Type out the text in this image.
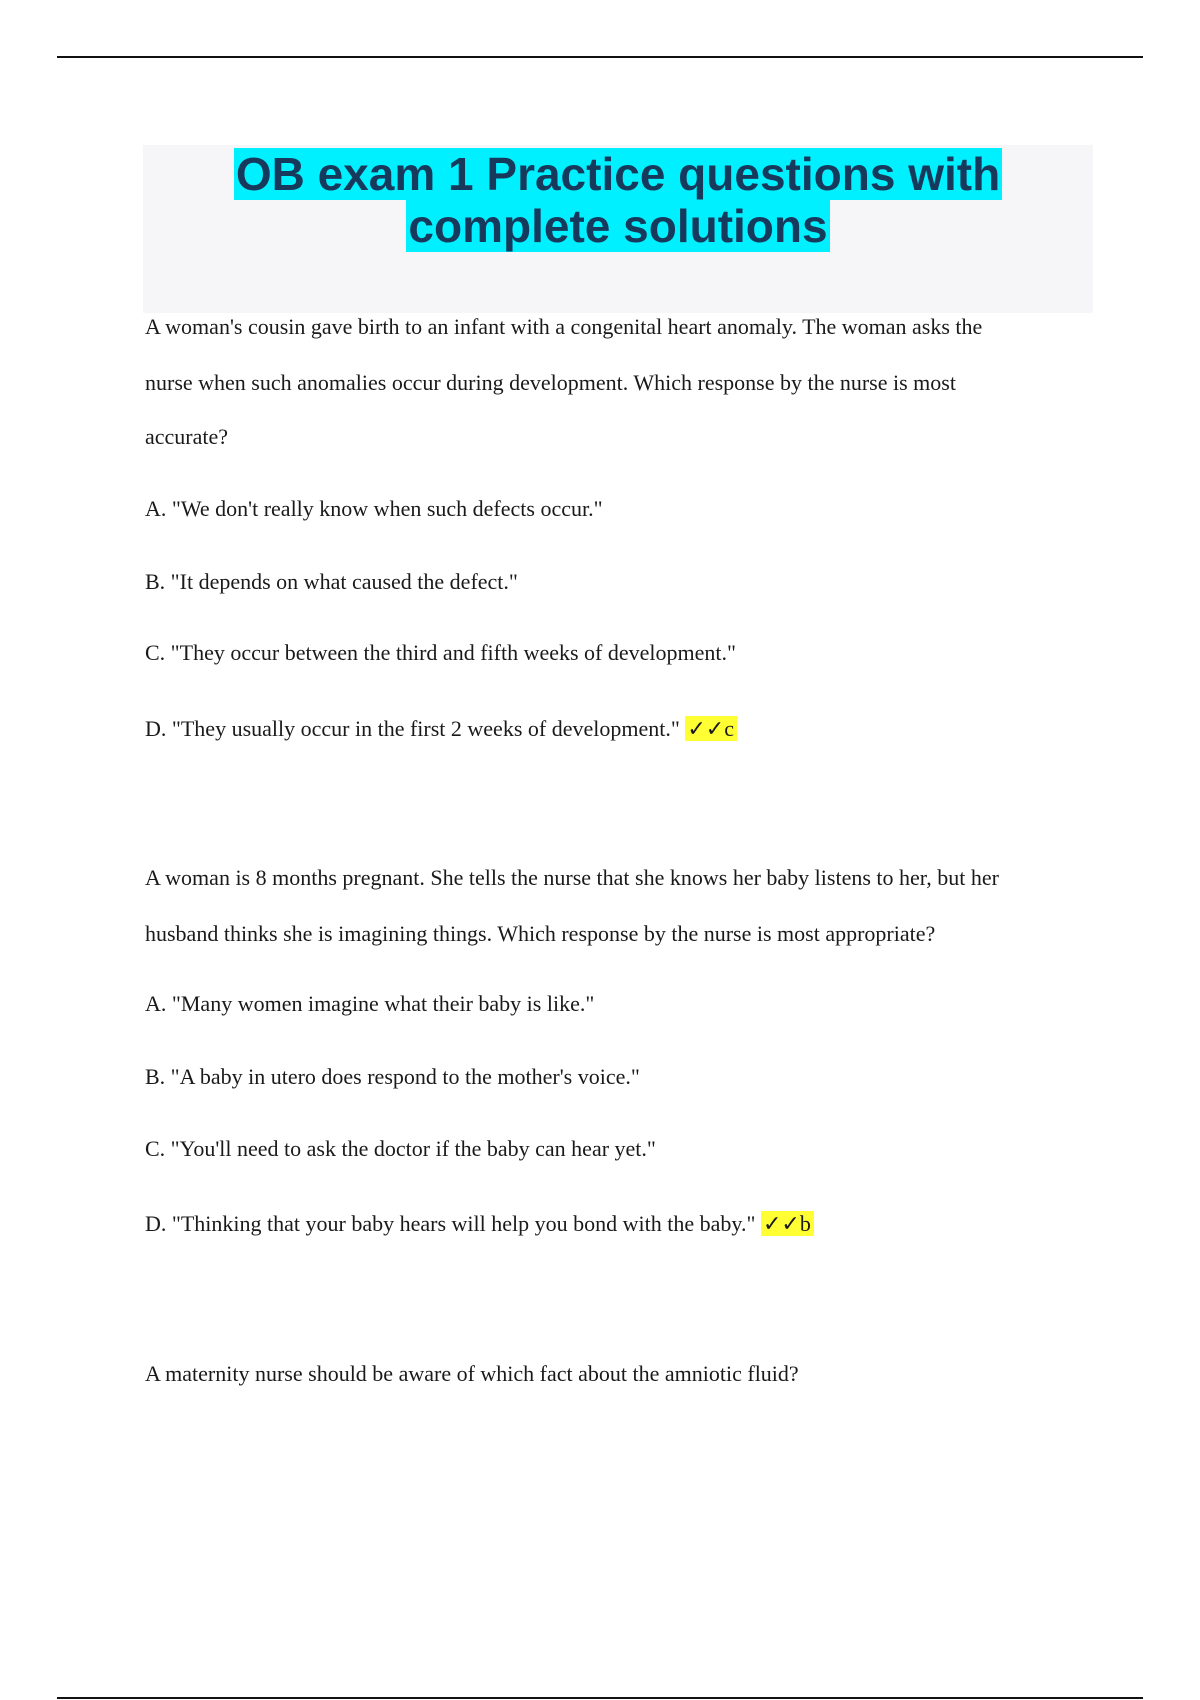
OB exam 1 Practice questions with
complete solutions
A woman's cousin gave birth to an infant with a congenital heart anomaly. The woman asks the
nurse when such anomalies occur during development. Which response by the nurse is most
accurate?
A. "We don't really know when such defects occur."
B. "It depends on what caused the defect."
C. "They occur between the third and fifth weeks of development."
D. "They usually occur in the first 2 weeks of development." ✓✓c
A woman is 8 months pregnant. She tells the nurse that she knows her baby listens to her, but her
husband thinks she is imagining things. Which response by the nurse is most appropriate?
A. "Many women imagine what their baby is like."
B. "A baby in utero does respond to the mother's voice."
C. "You'll need to ask the doctor if the baby can hear yet."
D. "Thinking that your baby hears will help you bond with the baby." ✓✓b
A maternity nurse should be aware of which fact about the amniotic fluid?
